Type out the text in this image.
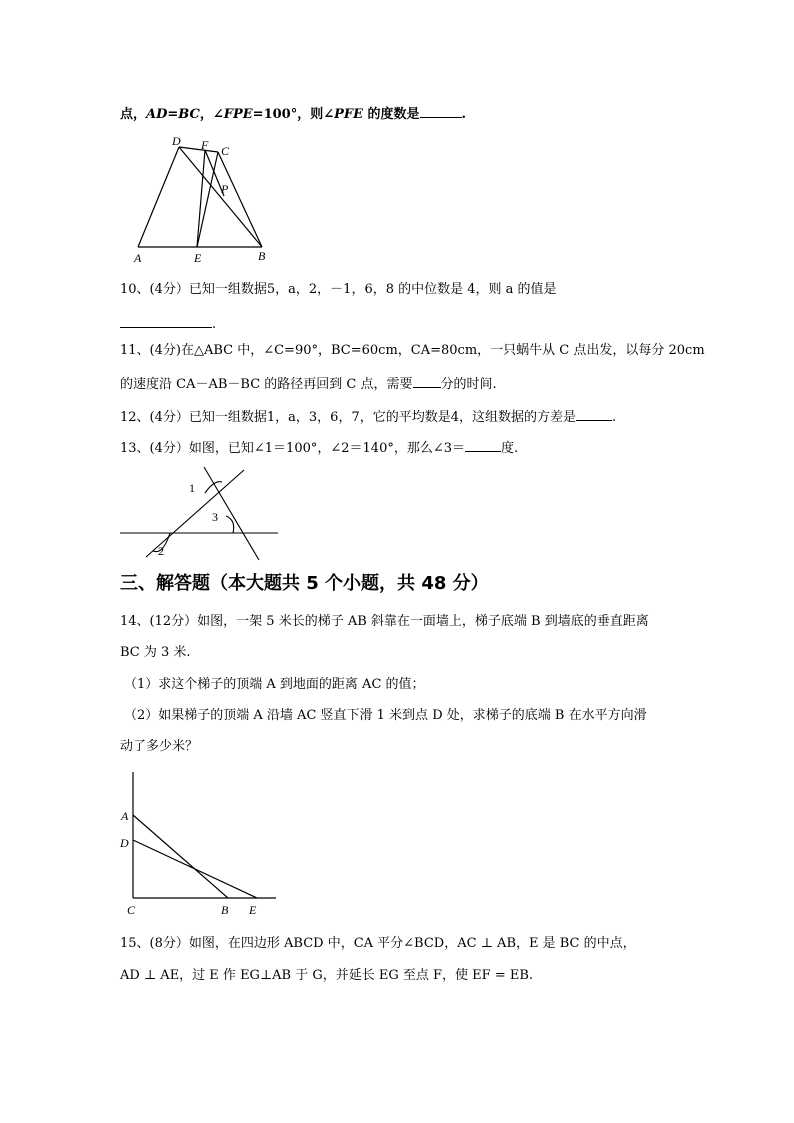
点，AD=BC，∠FPE=100°，则∠PFE 的度数是	.
D F C
P
A	E	B
10、(4分）已知一组数据5，a，2，－1，6，8 的中位数是 4，则 a 的值是
.
11、(4分)在△ABC 中，∠C=90°，BC=60cm，CA=80cm，一只蜗牛从 C 点出发，以每分 20cm
的速度沿 CA－AB－BC 的路径再回到 C 点，需要 分的时间.
12、(4分）已知一组数据1，a，3，6，7，它的平均数是4，这组数据的方差是	.
13、(4分）如图，已知∠1＝100°，∠2＝140°，那么∠3＝	度.
1
3
2
三、解答题（本大题共 5 个小题，共 48 分）
14、(12分）如图，一架 5 米长的梯子 AB 斜靠在一面墙上，梯子底端 B 到墙底的垂直距离
BC 为 3 米.
（1）求这个梯子的顶端 A 到地面的距离 AC 的值；
（2）如果梯子的顶端 A 沿墙 AC 竖直下滑 1 米到点 D 处，求梯子的底端 B 在水平方向滑
动了多少米？
A
D
C	B E
15、(8分）如图，在四边形 ABCD 中，CA 平分∠BCD，AC ⊥ AB，E 是 BC 的中点，
AD ⊥ AE，过 E 作 EG⊥AB 于 G，并延长 EG 至点 F，使 EF = EB.
